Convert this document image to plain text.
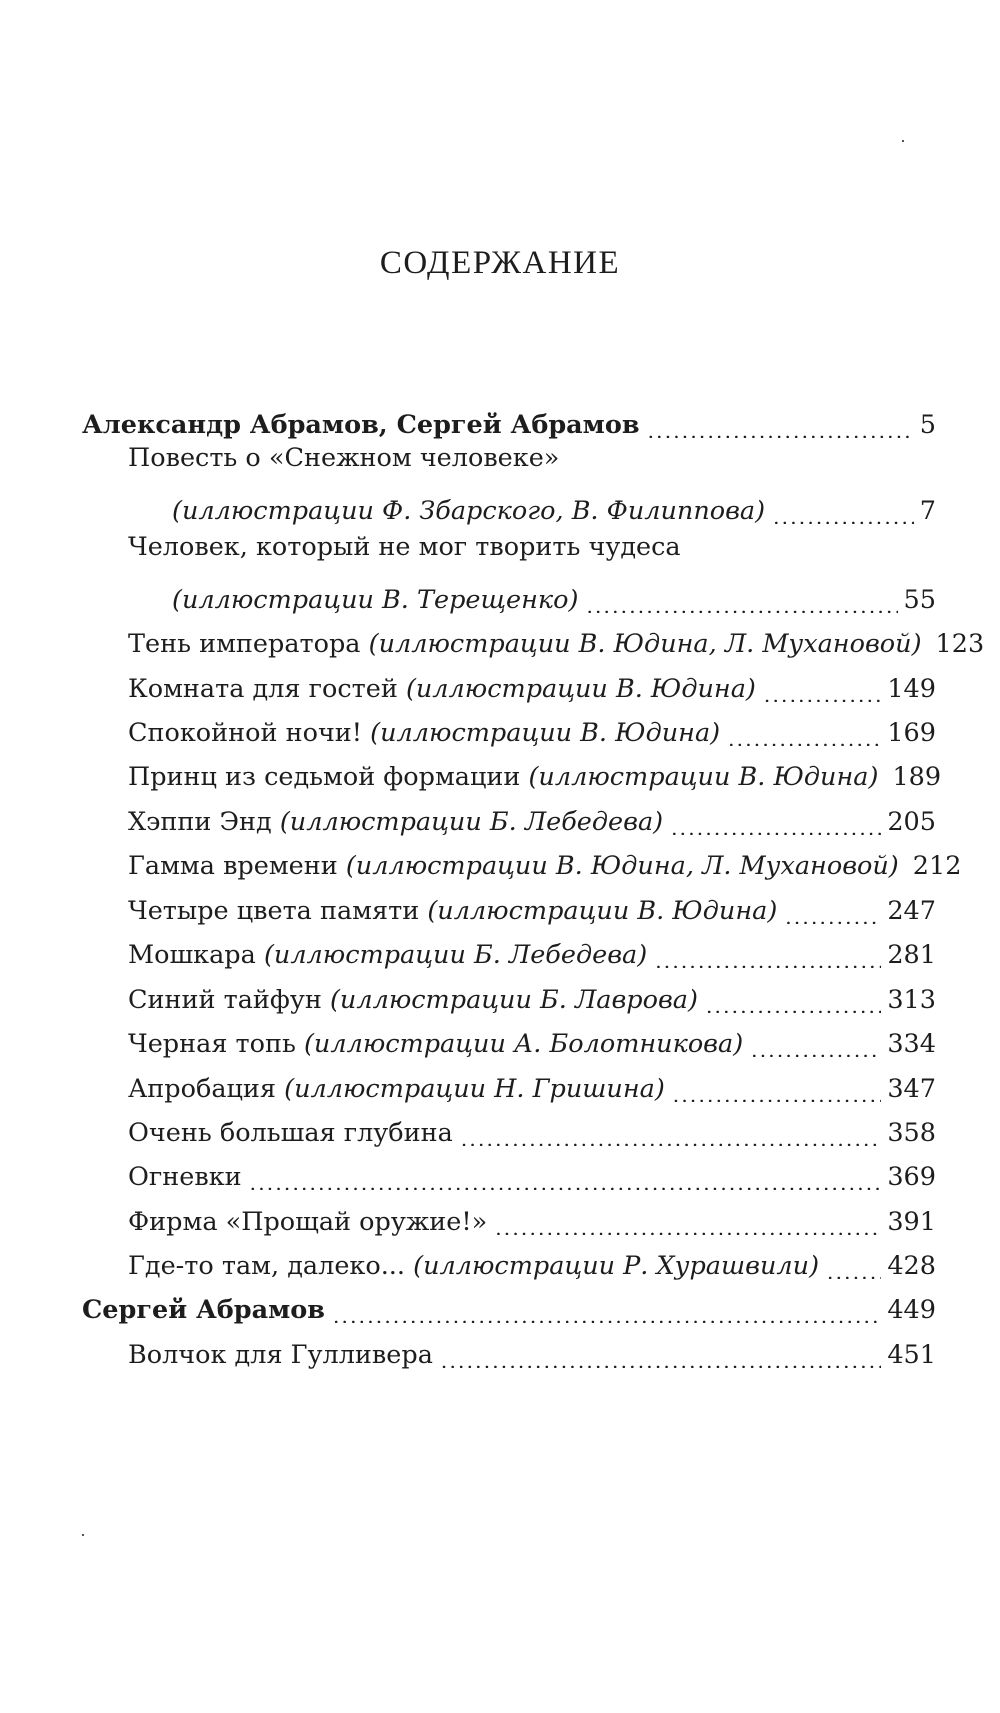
СОДЕРЖАНИЕ
Александр Абрамов, Сергей Абрамов .....	5
Повесть о «Снежном человеке»
(иллюстрации Ф. Збарского, В. Филиппова) .....	7
Человек, который не мог творить чудеса
(иллюстрации В. Терещенко) .....	55
Тень императора (иллюстрации В. Юдина, Л. Мухановой) 123
Комната для гостей (иллюстрации В. Юдина) .....	149
Спокойной ночи! (иллюстрации В. Юдина) .....	169
Принц из седьмой формации (иллюстрации В. Юдина) 189
Хэппи Энд (иллюстрации Б. Лебедева) .....	205
Гамма времени (иллюстрации В. Юдина, Л. Мухановой) 212
Четыре цвета памяти (иллюстрации В. Юдина) .....	247
Мошкара (иллюстрации Б. Лебедева) .....	281
Синий тайфун (иллюстрации Б. Лаврова) .....	313
Черная топь (иллюстрации А. Болотникова) .....	334
Апробация (иллюстрации Н. Гришина) .....	347
Очень большая глубина .....	358
Огневки .....	369
Фирма «Прощай оружие!» .....	391
Где-то там, далеко... (иллюстрации Р. Хурашвили) .....	428
Сергей Абрамов .....	449
Волчок для Гулливера .....	451
